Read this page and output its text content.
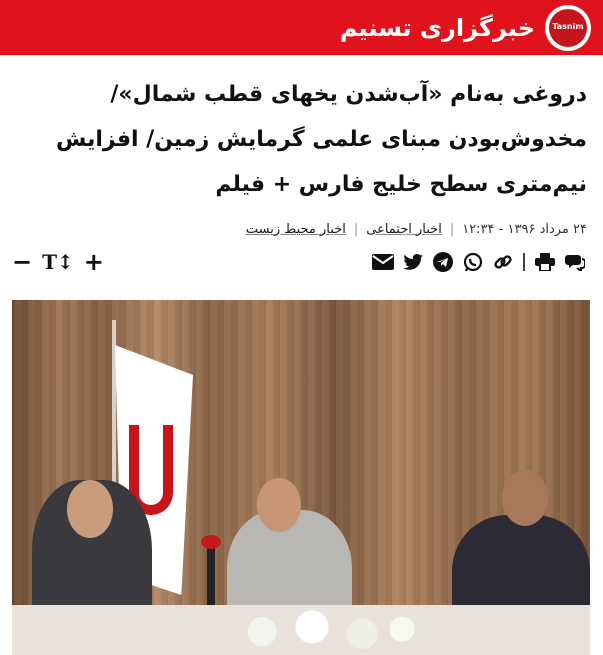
Tasnim
خبرگزاری تسنیم
دروغی به‌نام «آب‌شدن یخهای قطب شمال»/ مخدوش‌بودن مبنای علمی گرمایش زمین/ افزایش نیم‌متری سطح خلیج فارس + فیلم
۲۴ مرداد ۱۳۹۶ - ۱۲:۳۴
|
اخبار اجتماعی
|
اخبار محیط زیست
− T↕ +
